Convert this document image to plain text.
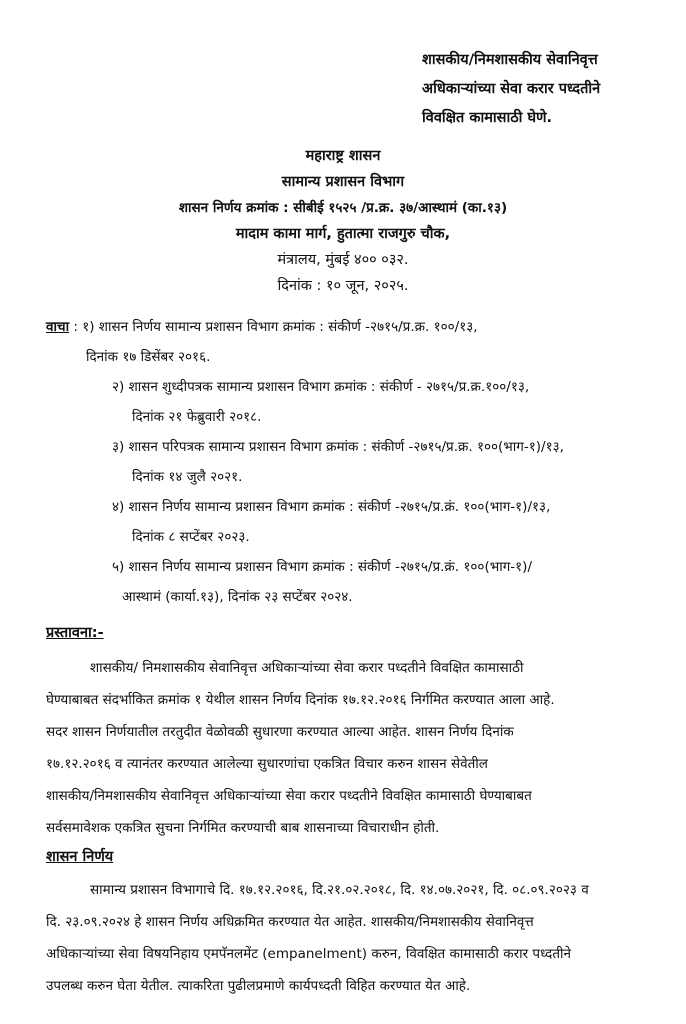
शासकीय/निमशासकीय सेवानिवृत्त
अधिकाऱ्यांच्या सेवा करार पध्दतीने
विवक्षित कामासाठी घेणे.
महाराष्ट्र शासन
सामान्य प्रशासन विभाग
शासन निर्णय क्रमांक : सीबीई १५२५ /प्र.क्र. ३७/आस्थामं (का.१३)
मादाम कामा मार्ग, हुतात्मा राजगुरु चौक,
मंत्रालय, मुंबई ४०० ०३२.
दिनांक : १० जून, २०२५.
वाचा : १) शासन निर्णय सामान्य प्रशासन विभाग क्रमांक : संकीर्ण -२७१५/प्र.क्र. १००/१३,
दिनांक १७ डिसेंबर २०१६.
२) शासन शुध्दीपत्रक सामान्य प्रशासन विभाग क्रमांक : संकीर्ण - २७१५/प्र.क्र.१००/१३,
दिनांक २१ फेब्रुवारी २०१८.
३) शासन परिपत्रक सामान्य प्रशासन विभाग क्रमांक : संकीर्ण -२७१५/प्र.क्र. १००(भाग-१)/१३,
दिनांक १४ जुलै २०२१.
४) शासन निर्णय सामान्य प्रशासन विभाग क्रमांक : संकीर्ण -२७१५/प्र.क्रं. १००(भाग-१)/१३,
दिनांक ८ सप्टेंबर २०२३.
५) शासन निर्णय सामान्य प्रशासन विभाग क्रमांक : संकीर्ण -२७१५/प्र.क्रं. १००(भाग-१)/
आस्थामं (कार्या.१३), दिनांक २३ सप्टेंबर २०२४.
प्रस्तावना:-
शासकीय/ निमशासकीय सेवानिवृत्त अधिकाऱ्यांच्या सेवा करार पध्दतीने विवक्षित कामासाठी
घेण्याबाबत संदर्भाकित क्रमांक १ येथील शासन निर्णय दिनांक १७.१२.२०१६ निर्गमित करण्यात आला आहे.
सदर शासन निर्णयातील तरतुदीत वेळोवळी सुधारणा करण्यात आल्या आहेत. शासन निर्णय दिनांक
१७.१२.२०१६ व त्यानंतर करण्यात आलेल्या सुधारणांचा एकत्रित विचार करुन शासन सेवेतील
शासकीय/निमशासकीय सेवानिवृत्त अधिकाऱ्यांच्या सेवा करार पध्दतीने विवक्षित कामासाठी घेण्याबाबत
सर्वसमावेशक एकत्रित सुचना निर्गमित करण्याची बाब शासनाच्या विचाराधीन होती.
शासन निर्णय
सामान्य प्रशासन विभागाचे दि. १७.१२.२०१६, दि.२१.०२.२०१८, दि. १४.०७.२०२१, दि. ०८.०९.२०२३ व
दि. २३.०९.२०२४ हे शासन निर्णय अधिक्रमित करण्यात येत आहेत. शासकीय/निमशासकीय सेवानिवृत्त
अधिकाऱ्यांच्या सेवा विषयनिहाय एमपॅनलमेंट (empanelment) करुन, विवक्षित कामासाठी करार पध्दतीने
उपलब्ध करुन घेता येतील. त्याकरिता पुढीलप्रमाणे कार्यपध्दती विहित करण्यात येत आहे.
